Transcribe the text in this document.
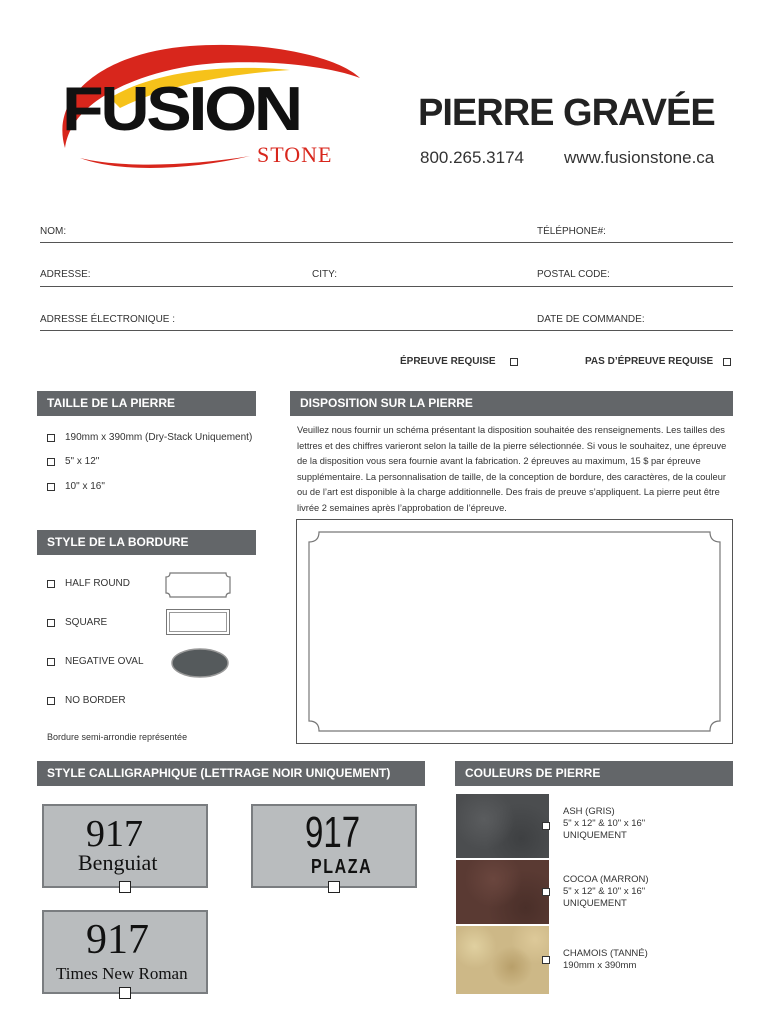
FUSION
STONE
PIERRE GRAVÉE
800.265.3174 www.fusionstone.ca
NOM:	TÉLÉPHONE#:
ADRESSE:	CITY:	POSTAL CODE:
ADRESSE ÉLECTRONIQUE :	DATE DE COMMANDE:
ÉPREUVE REQUISE	PAS D’ÉPREUVE REQUISE
TAILLE DE LA PIERRE
190mm x 390mm (Dry-Stack Uniquement)
5" x 12"
10" x 16"
DISPOSITION SUR LA PIERRE
Veuillez nous fournir un schéma présentant la disposition souhaitée des renseignements. Les tailles des lettres et des chiffres varieront selon la taille de la pierre sélectionnée. Si vous le souhaitez, une épreuve de la disposition vous sera fournie avant la fabrication. 2 épreuves au maximum, 15 $ par épreuve supplémentaire. La personnalisation de taille, de la conception de bordure, des caractères, de la couleur ou de l’art est disponible à la charge additionnelle. Des frais de preuve s’appliquent. La pierre peut être livrée 2 semaines après l’approbation de l’épreuve.
STYLE DE LA BORDURE
HALF ROUND
SQUARE
NEGATIVE OVAL
NO BORDER
Bordure semi-arrondie représentée
STYLE CALLIGRAPHIQUE (LETTRAGE NOIR UNIQUEMENT)
917
Benguiat
917
PLAZA
917
Times New Roman
COULEURS DE PIERRE
ASH (GRIS)
5" x 12" & 10" x 16"
UNIQUEMENT
COCOA (MARRON)
5" x 12" & 10" x 16"
UNIQUEMENT
CHAMOIS (TANNÉ)
190mm x 390mm
